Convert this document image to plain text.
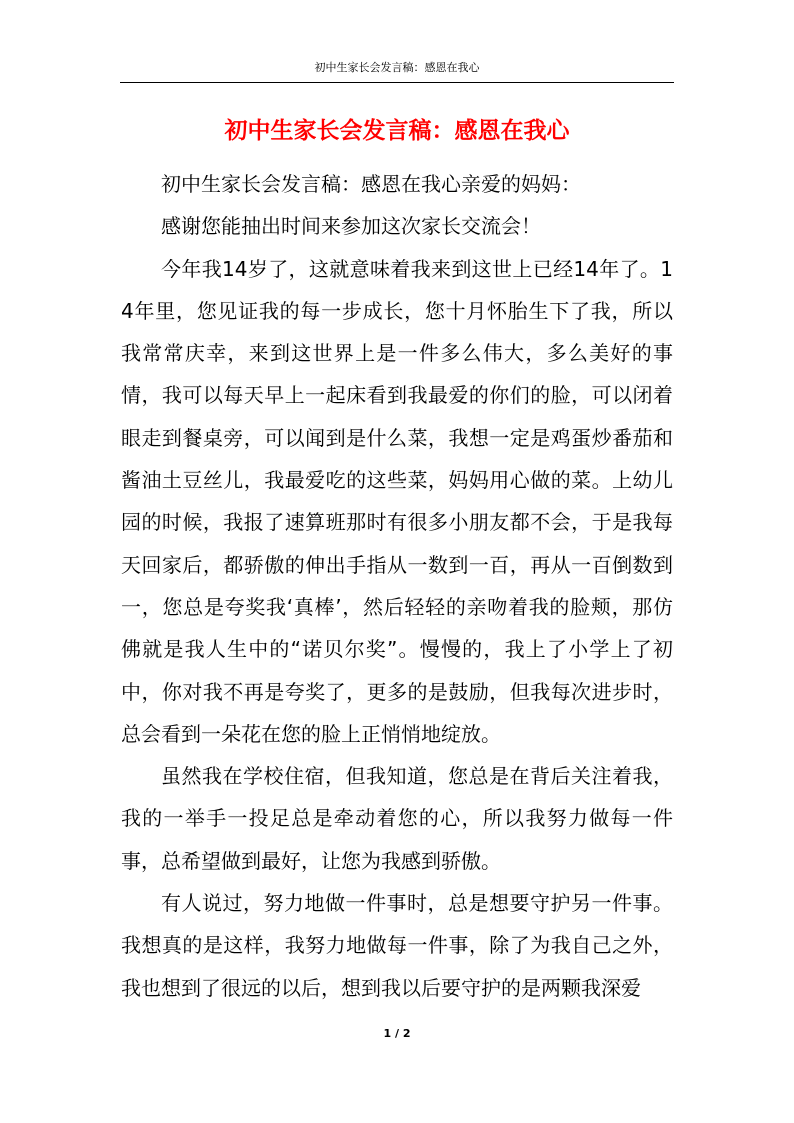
初中生家长会发言稿：感恩在我心
初中生家长会发言稿：感恩在我心

初中生家长会发言稿：感恩在我心亲爱的妈妈：

感谢您能抽出时间来参加这次家长交流会！

今年我14岁了，这就意味着我来到这世上已经14年了。14年里，您见证我的每一步成长，您十月怀胎生下了我，所以我常常庆幸，来到这世界上是一件多么伟大，多么美好的事情，我可以每天早上一起床看到我最爱的你们的脸，可以闭着眼走到餐桌旁，可以闻到是什么菜，我想一定是鸡蛋炒番茄和酱油土豆丝儿，我最爱吃的这些菜，妈妈用心做的菜。上幼儿园的时候，我报了速算班那时有很多小朋友都不会，于是我每天回家后，都骄傲的伸出手指从一数到一百，再从一百倒数到一，您总是夸奖我‘真棒’，然后轻轻的亲吻着我的脸颊，那仿佛就是我人生中的“诺贝尔奖”。慢慢的，我上了小学上了初中，你对我不再是夸奖了，更多的是鼓励，但我每次进步时，总会看到一朵花在您的脸上正悄悄地绽放。

虽然我在学校住宿，但我知道，您总是在背后关注着我，我的一举手一投足总是牵动着您的心，所以我努力做每一件事，总希望做到最好，让您为我感到骄傲。

有人说过，努力地做一件事时，总是想要守护另一件事。我想真的是这样，我努力地做每一件事，除了为我自己之外，我也想到了很远的以后，想到我以后要守护的是两颗我深爱

1 / 2
